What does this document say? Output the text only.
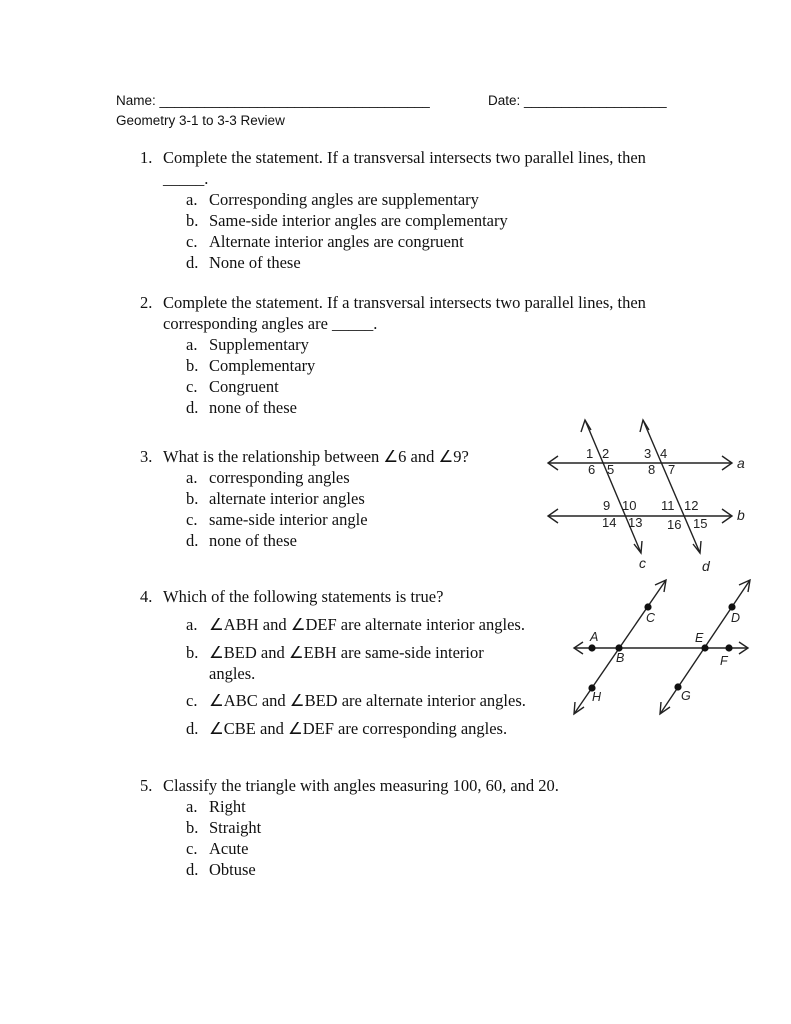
Name: ____________________________________	Date: ___________________
Geometry 3-1 to 3-3 Review
1. Complete the statement. If a transversal intersects two parallel lines, then _____.
a. Corresponding angles are supplementary
b. Same-side interior angles are complementary
c. Alternate interior angles are congruent
d. None of these
2. Complete the statement. If a transversal intersects two parallel lines, then corresponding angles are _____.
a. Supplementary
b. Complementary
c. Congruent
d. none of these
3. What is the relationship between ∠6 and ∠9?
a. corresponding angles
b. alternate interior angles
c. same-side interior angle
d. none of these
4. Which of the following statements is true?
a. ∠ABH and ∠DEF are alternate interior angles.
b. ∠BED and ∠EBH are same-side interior angles.
c. ∠ABC and ∠BED are alternate interior angles.
d. ∠CBE and ∠DEF are corresponding angles.
5. Classify the triangle with angles measuring 100, 60, and 20.
a. Right
b. Straight
c. Acute
d. Obtuse
1 2	3 4
6 5	8 7
9 10 11 12
14 13 16 15
a
b
c	d
A
B
C	D
E
F
G
H
